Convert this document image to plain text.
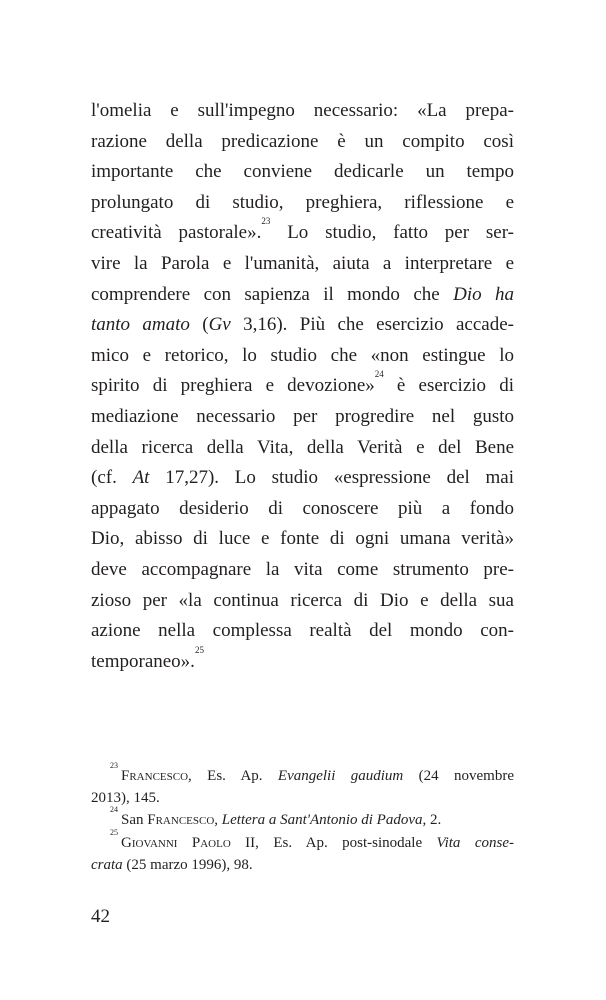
l'omelia e sull'impegno necessario: «La prepa-
razione della predicazione è un compito così
importante che conviene dedicarle un tempo
prolungato di studio, preghiera, riflessione e
creatività pastorale».$^{23}$ Lo studio, fatto per ser-
vire la Parola e l'umanità, aiuta a interpretare e
comprendere con sapienza il mondo che Dio ha
tanto amato (Gv 3,16). Più che esercizio accade-
mico e retorico, lo studio che «non estingue lo
spirito di preghiera e devozione»$^{24}$ è esercizio di
mediazione necessario per progredire nel gusto
della ricerca della Vita, della Verità e del Bene
(cf. At 17,27). Lo studio «espressione del mai
appagato desiderio di conoscere più a fondo
Dio, abisso di luce e fonte di ogni umana verità»
deve accompagnare la vita come strumento pre-
zioso per «la continua ricerca di Dio e della sua
azione nella complessa realtà del mondo con-
temporaneo».$^{25}$
$^{23}$Francesco, Es. Ap. Evangelii gaudium (24 novembre
2013), 145.
$^{24}$San Francesco, Lettera a Sant'Antonio di Padova, 2.
$^{25}$Giovanni Paolo II, Es. Ap. post-sinodale Vita conse-
crata (25 marzo 1996), 98.
42
